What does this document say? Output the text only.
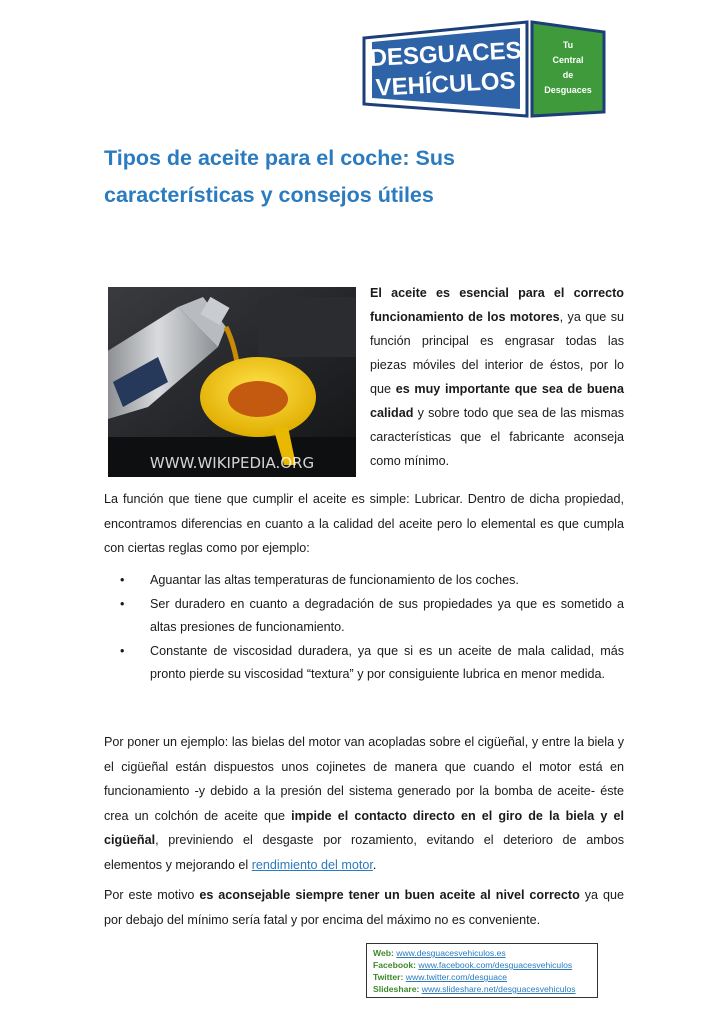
DESGUACES
VEHÍCULOS
Tu
Central
de
Desguaces
Tipos de aceite para el coche: Sus
características y consejos útiles
WWW.WIKIPEDIA.ORG

El aceite es esencial para el correcto funcionamiento de los motores, ya que su función principal es engrasar todas las piezas móviles del interior de éstos, por lo que es muy importante que sea de buena calidad y sobre todo que sea de las mismas características que el fabricante aconseja como mínimo.

La función que tiene que cumplir el aceite es simple: Lubricar. Dentro de dicha propiedad, encontramos diferencias en cuanto a la calidad del aceite pero lo elemental es que cumpla con ciertas reglas como por ejemplo:

• Aguantar las altas temperaturas de funcionamiento de los coches.
• Ser duradero en cuanto a degradación de sus propiedades ya que es sometido a altas presiones de funcionamiento.
• Constante de viscosidad duradera, ya que si es un aceite de mala calidad, más pronto pierde su viscosidad “textura” y por consiguiente lubrica en menor medida.

Por poner un ejemplo: las bielas del motor van acopladas sobre el cigüeñal, y entre la biela y el cigüeñal están dispuestos unos cojinetes de manera que cuando el motor está en funcionamiento -y debido a la presión del sistema generado por la bomba de aceite- éste crea un colchón de aceite que impide el contacto directo en el giro de la biela y el cigüeñal, previniendo el desgaste por rozamiento, evitando el deterioro de ambos elementos y mejorando el rendimiento del motor.

Por este motivo es aconsejable siempre tener un buen aceite al nivel correcto ya que por debajo del mínimo sería fatal y por encima del máximo no es conveniente.

Web: www.desguacesvehiculos.es
Facebook: www.facebook.com/desguacesvehiculos
Twitter: www.twitter.com/desguace
Slideshare: www.slideshare.net/desguacesvehiculos
